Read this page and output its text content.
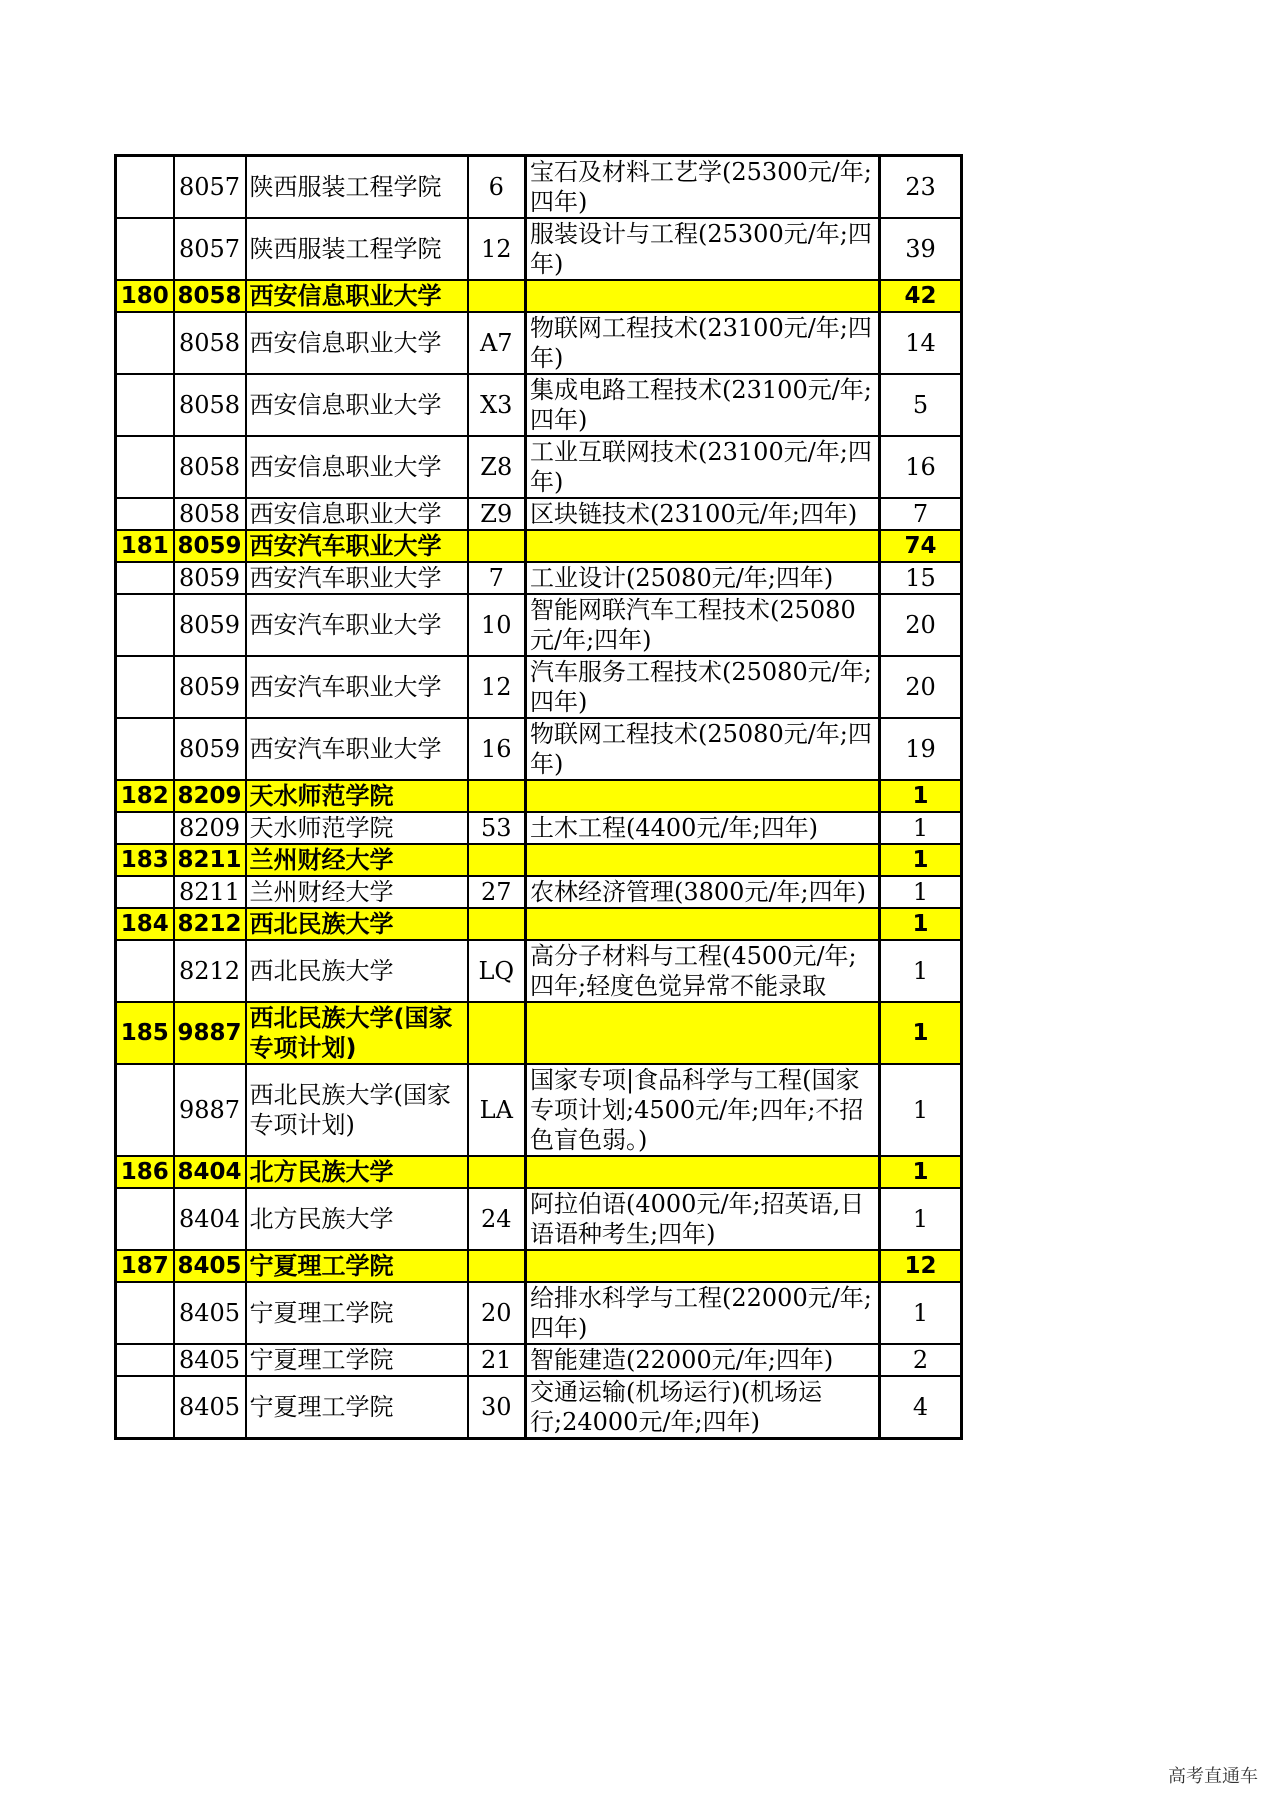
	8057	陕西服装工程学院	6	宝石及材料工艺学(25300元/年;四年)	23
	8057	陕西服装工程学院	12	服装设计与工程(25300元/年;四年)	39
180	8058	西安信息职业大学			42
	8058	西安信息职业大学	A7	物联网工程技术(23100元/年;四年)	14
	8058	西安信息职业大学	X3	集成电路工程技术(23100元/年;四年)	5
	8058	西安信息职业大学	Z8	工业互联网技术(23100元/年;四年)	16
	8058	西安信息职业大学	Z9	区块链技术(23100元/年;四年)	7
181	8059	西安汽车职业大学			74
	8059	西安汽车职业大学	7	工业设计(25080元/年;四年)	15
	8059	西安汽车职业大学	10	智能网联汽车工程技术(25080元/年;四年)	20
	8059	西安汽车职业大学	12	汽车服务工程技术(25080元/年;四年)	20
	8059	西安汽车职业大学	16	物联网工程技术(25080元/年;四年)	19
182	8209	天水师范学院			1
	8209	天水师范学院	53	土木工程(4400元/年;四年)	1
183	8211	兰州财经大学			1
	8211	兰州财经大学	27	农林经济管理(3800元/年;四年)	1
184	8212	西北民族大学			1
	8212	西北民族大学	LQ	高分子材料与工程(4500元/年;四年;轻度色觉异常不能录取	1
185	9887	西北民族大学(国家专项计划)			1
	9887	西北民族大学(国家专项计划)	LA	国家专项|食品科学与工程(国家专项计划;4500元/年;四年;不招色盲色弱。)	1
186	8404	北方民族大学			1
	8404	北方民族大学	24	阿拉伯语(4000元/年;招英语,日语语种考生;四年)	1
187	8405	宁夏理工学院			12
	8405	宁夏理工学院	20	给排水科学与工程(22000元/年;四年)	1
	8405	宁夏理工学院	21	智能建造(22000元/年;四年)	2
	8405	宁夏理工学院	30	交通运输(机场运行)(机场运行;24000元/年;四年)	4
高考直通车
